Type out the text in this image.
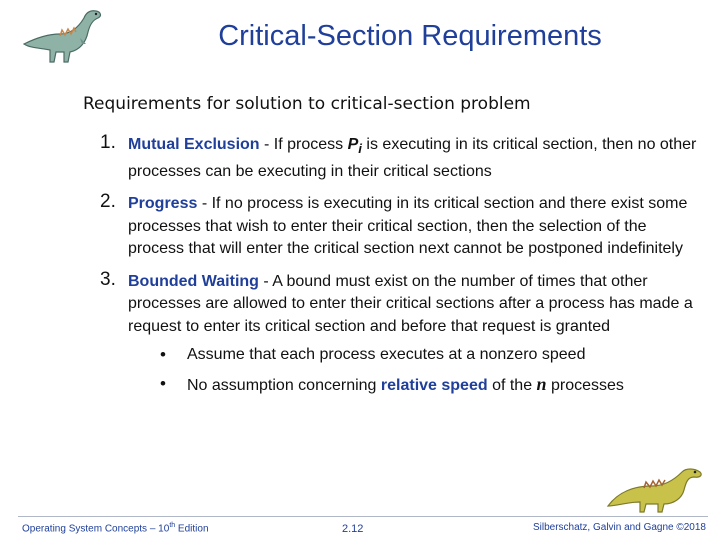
Critical-Section Requirements
Requirements for solution to critical-section problem
1. Mutual Exclusion - If process $P_i$ is executing in its critical section, then no other processes can be executing in their critical sections
2. Progress - If no process is executing in its critical section and there exist some processes that wish to enter their critical section, then the selection of the process that will enter the critical section next cannot be postponed indefinitely
3. Bounded Waiting - A bound must exist on the number of times that other processes are allowed to enter their critical sections after a process has made a request to enter its critical section and before that request is granted
• Assume that each process executes at a nonzero speed
• No assumption concerning relative speed of the n processes
Operating System Concepts – 10th Edition	2.12	Silberschatz, Galvin and Gagne ©2018
